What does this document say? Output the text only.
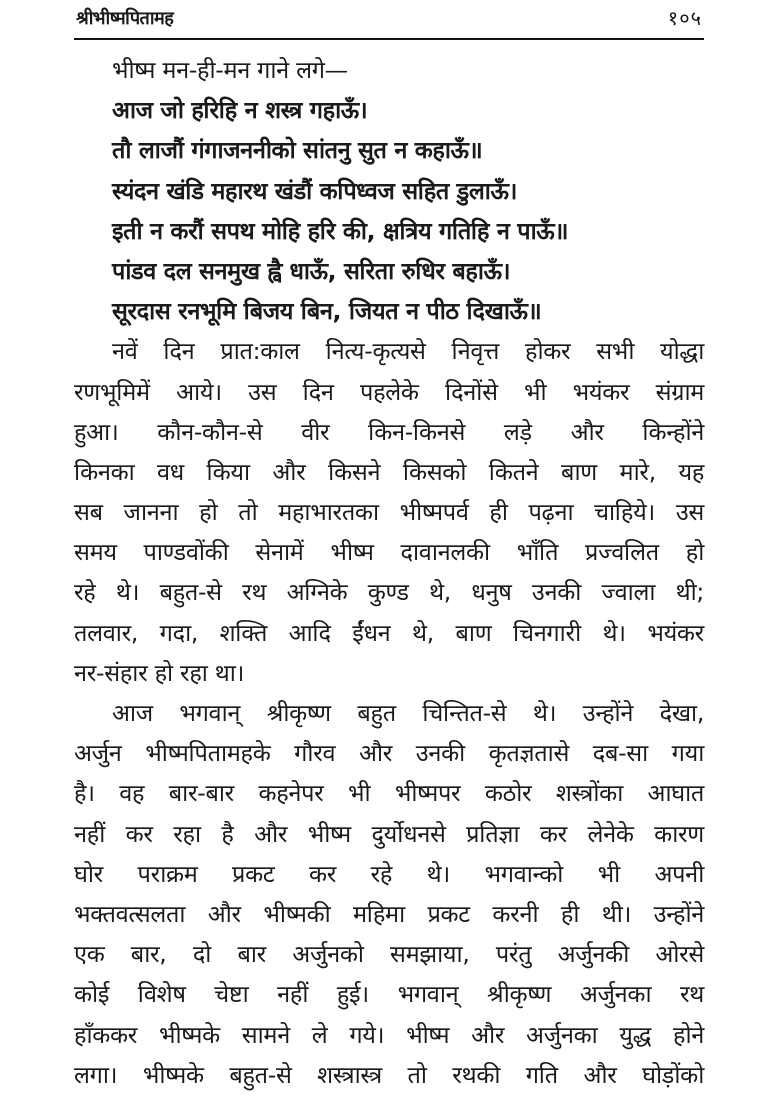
श्रीभीष्मपितामह	१०५
भीष्म मन-ही-मन गाने लगे—
आज जो हरिहि न शस्त्र गहाऊँ।
तौ लाजौं गंगाजननीको सांतनु सुत न कहाऊँ॥
स्यंदन खंडि महारथ खंडौं कपिध्वज सहित डुलाऊँ।
इती न करौं सपथ मोहि हरि की, क्षत्रिय गतिहि न पाऊँ॥
पांडव दल सनमुख ह्वै धाऊँ, सरिता रुधिर बहाऊँ।
सूरदास रनभूमि बिजय बिन, जियत न पीठ दिखाऊँ॥
नवें दिन प्रात:काल नित्य-कृत्यसे निवृत्त होकर सभी योद्धा
रणभूमिमें आये। उस दिन पहलेके दिनोंसे भी भयंकर संग्राम
हुआ। कौन-कौन-से वीर किन-किनसे लड़े और किन्होंने
किनका वध किया और किसने किसको कितने बाण मारे, यह
सब जानना हो तो महाभारतका भीष्मपर्व ही पढ़ना चाहिये। उस
समय पाण्डवोंकी सेनामें भीष्म दावानलकी भाँति प्रज्वलित हो
रहे थे। बहुत-से रथ अग्निके कुण्ड थे, धनुष उनकी ज्वाला थी;
तलवार, गदा, शक्ति आदि ईंधन थे, बाण चिनगारी थे। भयंकर
नर-संहार हो रहा था।
आज भगवान् श्रीकृष्ण बहुत चिन्तित-से थे। उन्होंने देखा,
अर्जुन भीष्मपितामहके गौरव और उनकी कृतज्ञतासे दब-सा गया
है। वह बार-बार कहनेपर भी भीष्मपर कठोर शस्त्रोंका आघात
नहीं कर रहा है और भीष्म दुर्योधनसे प्रतिज्ञा कर लेनेके कारण
घोर पराक्रम प्रकट कर रहे थे। भगवान्को भी अपनी
भक्तवत्सलता और भीष्मकी महिमा प्रकट करनी ही थी। उन्होंने
एक बार, दो बार अर्जुनको समझाया, परंतु अर्जुनकी ओरसे
कोई विशेष चेष्टा नहीं हुई। भगवान् श्रीकृष्ण अर्जुनका रथ
हाँककर भीष्मके सामने ले गये। भीष्म और अर्जुनका युद्ध होने
लगा। भीष्मके बहुत-से शस्त्रास्त्र तो रथकी गति और घोड़ोंको
